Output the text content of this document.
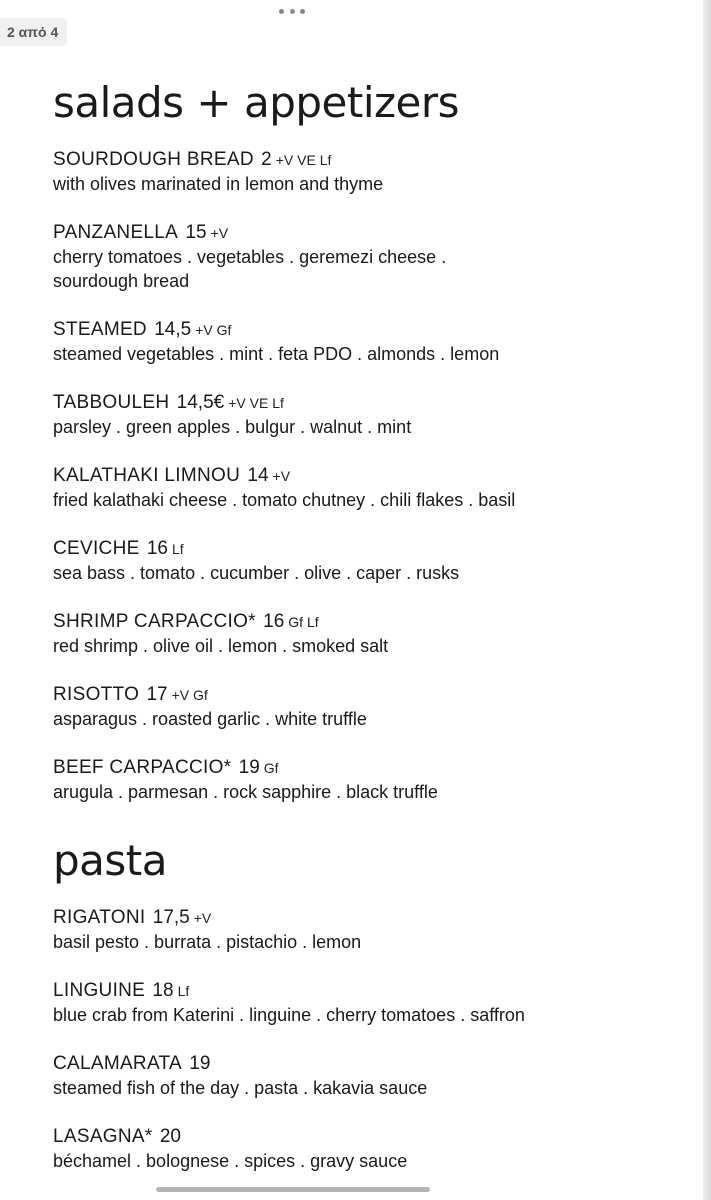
2 από 4
salads + appetizers
SOURDOUGH BREAD 2 +V VE Lf
with olives marinated in lemon and thyme
PANZANELLA 15 +V
cherry tomatoes . vegetables . geremezi cheese . sourdough bread
STEAMED 14,5 +V Gf
steamed vegetables . mint . feta PDO . almonds . lemon
TABBOULEH 14,5€ +V VE Lf
parsley . green apples . bulgur . walnut . mint
KALATHAKI LIMNOU 14 +V
fried kalathaki cheese . tomato chutney . chili flakes . basil
CEVICHE 16 Lf
sea bass . tomato . cucumber . olive . caper . rusks
SHRIMP CARPACCIO* 16 Gf Lf
red shrimp . olive oil . lemon . smoked salt
RISOTTO 17 +V Gf
asparagus . roasted garlic . white truffle
BEEF CARPACCIO* 19 Gf
arugula . parmesan . rock sapphire . black truffle
pasta
RIGATONI 17,5 +V
basil pesto . burrata . pistachio . lemon
LINGUINE 18 Lf
blue crab from Katerini . linguine . cherry tomatoes . saffron
CALAMARATA 19
steamed fish of the day . pasta . kakavia sauce
LASAGNA* 20
béchamel . bolognese . spices . gravy sauce
